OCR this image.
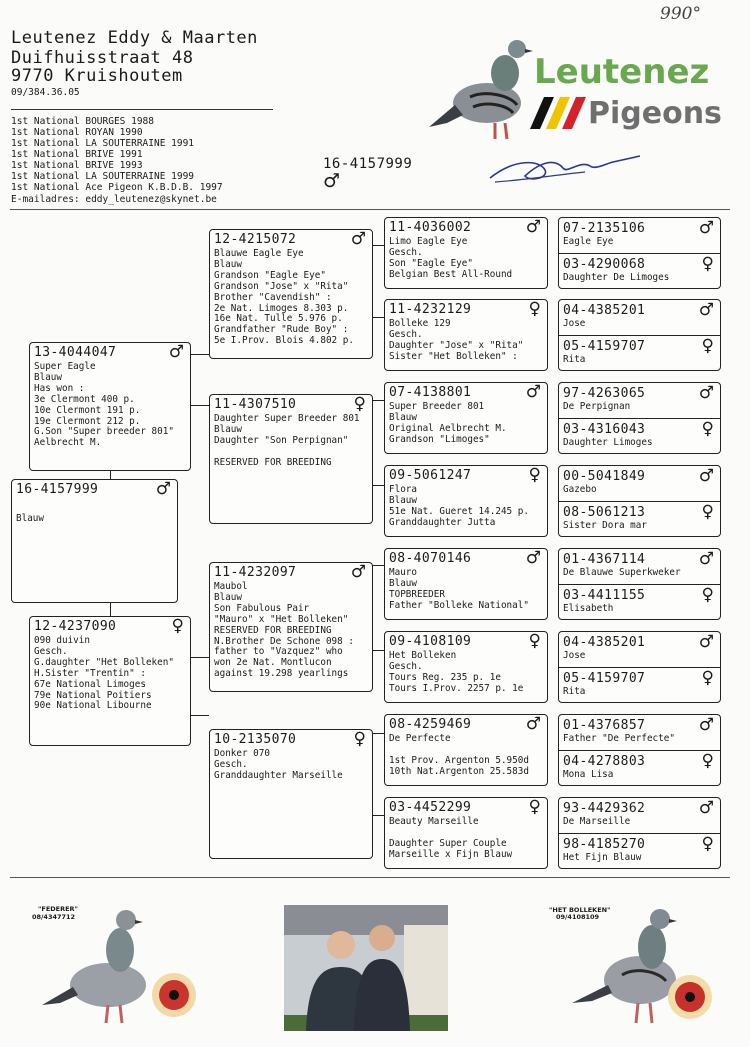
990°
Leutenez Eddy & Maarten
Duifhuisstraat 48
9770 Kruishoutem
09/384.36.05
1st National BOURGES 1988
1st National ROYAN 1990
1st National LA SOUTERRAINE 1991
1st National BRIVE 1991
1st National BRIVE 1993
1st National LA SOUTERRAINE 1999
1st National Ace Pigeon K.B.D.B. 1997
E-mailadres: eddy_leutenez@skynet.be
16-4157999
♂
Leutenez
Pigeons
16-4157999	♂
Blauw
13-4044047	♂
Super Eagle
Blauw
Has won :
3e Clermont 400 p.
10e Clermont 191 p.
19e Clermont 212 p.
G.Son "Super breeder 801"
Aelbrecht M.
12-4237090	♀
090 duivin
Gesch.
G.daughter "Het Bolleken"
H.Sister "Trentin" :
67e National Limoges
79e National Poitiers
90e National Libourne
12-4215072	♂
Blauwe Eagle Eye
Blauw
Grandson "Eagle Eye"
Grandson "Jose" x "Rita"
Brother "Cavendish" :
2e Nat. Limoges 8.303 p.
16e Nat. Tulle 5.976 p.
Grandfather "Rude Boy" :
5e I.Prov. Blois 4.802 p.
11-4307510	♀
Daughter Super Breeder 801
Blauw
Daughter "Son Perpignan"
RESERVED FOR BREEDING
11-4232097	♂
Maubol
Blauw
Son Fabulous Pair
"Mauro" x "Het Bolleken"
RESERVED FOR BREEDING
N.Brother De Schone 098 :
father to "Vazquez" who
won 2e Nat. Montlucon
against 19.298 yearlings
10-2135070	♀
Donker 070
Gesch.
Granddaughter Marseille
11-4036002	♂
Limo Eagle Eye
Gesch.
Son "Eagle Eye"
Belgian Best All-Round
11-4232129	♀
Bolleke 129
Gesch.
Daughter "Jose" x "Rita"
Sister "Het Bolleken" :
07-4138801	♂
Super Breeder 801
Blauw
Original Aelbrecht M.
Grandson "Limoges"
09-5061247	♀
Flora
Blauw
51e Nat. Gueret 14.245 p.
Granddaughter Jutta
08-4070146	♂
Mauro
Blauw
TOPBREEDER
Father "Bolleke National"
09-4108109	♀
Het Bolleken
Gesch.
Tours Reg. 235 p. 1e
Tours I.Prov. 2257 p. 1e
08-4259469	♂
De Perfecte
1st Prov. Argenton 5.950d
10th Nat.Argenton 25.583d
03-4452299	♀
Beauty Marseille
Daughter Super Couple
Marseille x Fijn Blauw
07-2135106	♂
Eagle Eye
03-4290068	♀
Daughter De Limoges
04-4385201	♂
Jose
05-4159707	♀
Rita
97-4263065	♂
De Perpignan
03-4316043	♀
Daughter Limoges
00-5041849	♂
Gazebo
08-5061213	♀
Sister Dora mar
01-4367114	♂
De Blauwe Superkweker
03-4411155	♀
Elisabeth
04-4385201	♂
Jose
05-4159707	♀
Rita
01-4376857	♂
Father "De Perfecte"
04-4278803	♀
Mona Lisa
93-4429362	♂
De Marseille
98-4185270	♀
Het Fijn Blauw
"FEDERER"
08/4347712
"HET BOLLEKEN"
09/4108109
